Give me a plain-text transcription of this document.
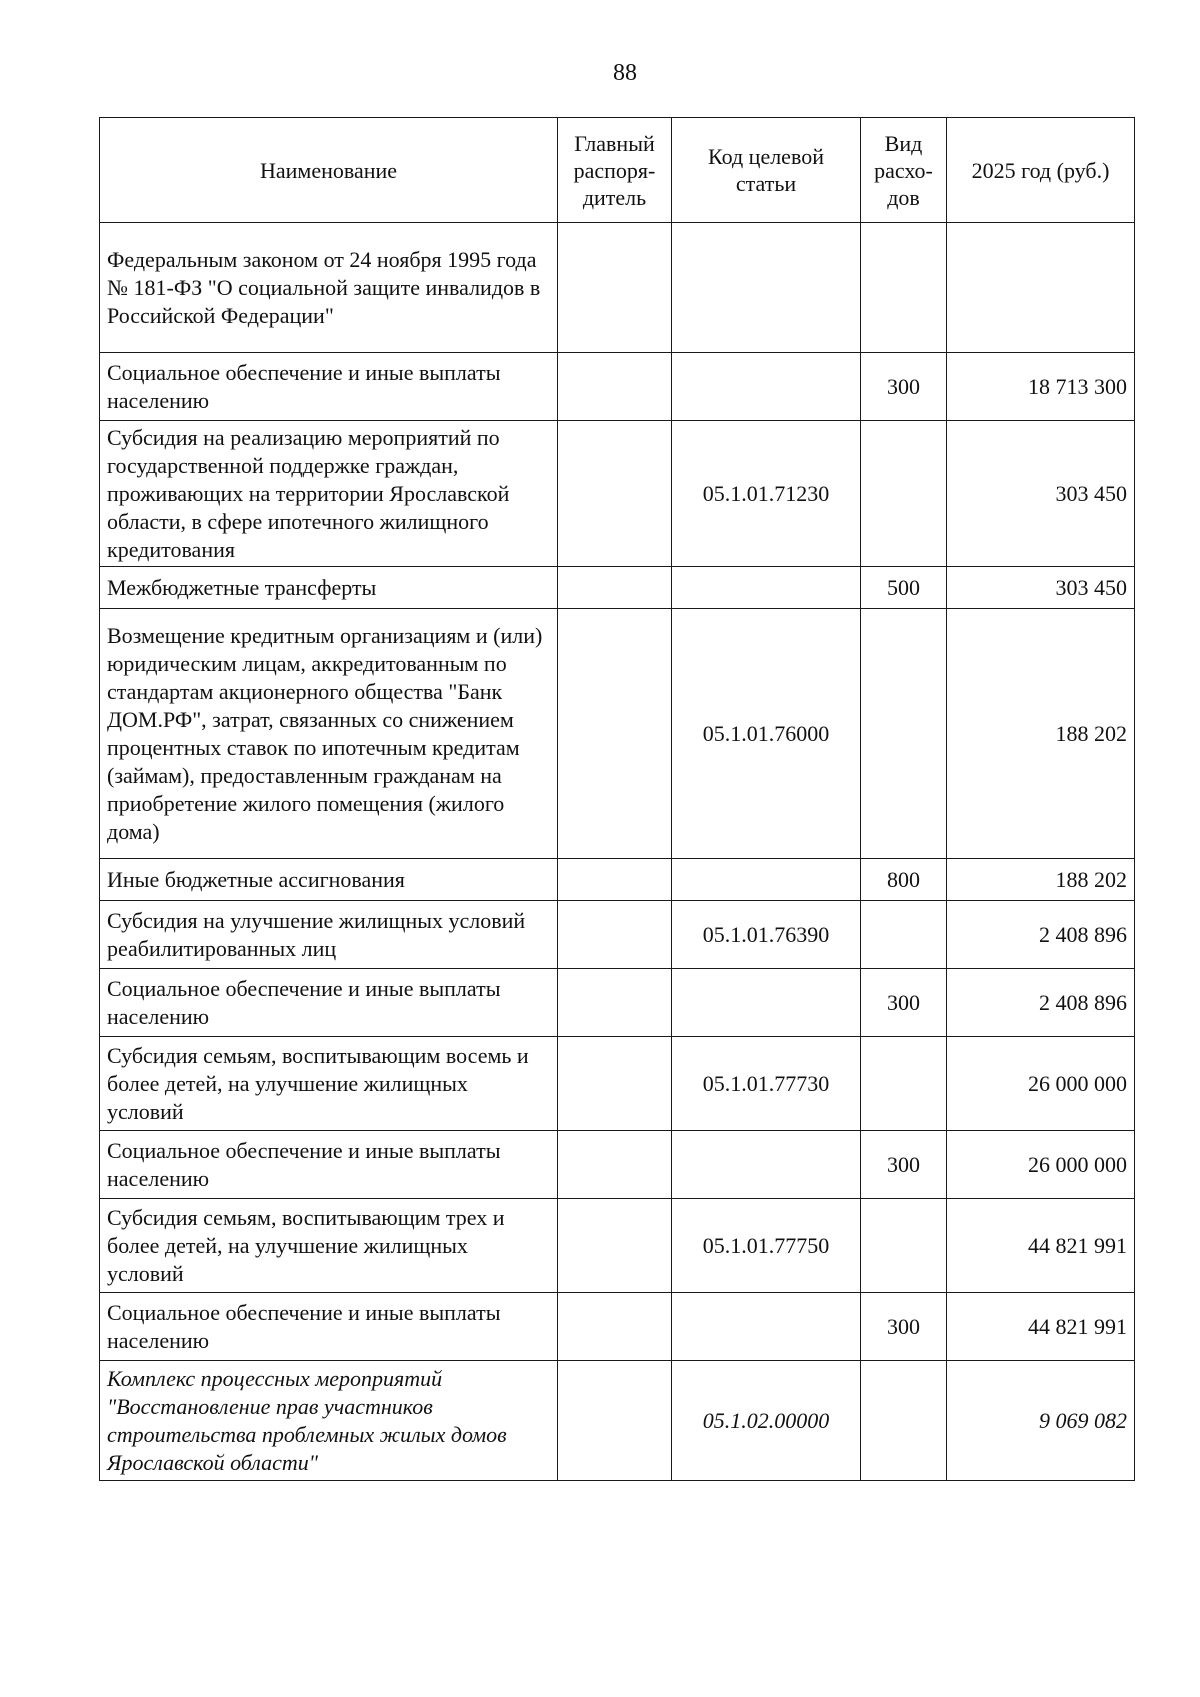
88
Наименование	Главный распоря-дитель	Код целевой статьи	Вид расхо-дов	2025 год (руб.)
Федеральным законом от 24 ноября 1995 года № 181-ФЗ "О социальной защите инвалидов в Российской Федерации"				
Социальное обеспечение и иные выплаты населению			300	18 713 300
Субсидия на реализацию мероприятий по государственной поддержке граждан, проживающих на территории Ярославской области, в сфере ипотечного жилищного кредитования		05.1.01.71230		303 450
Межбюджетные трансферты			500	303 450
Возмещение кредитным организациям и (или) юридическим лицам, аккредитованным по стандартам акционерного общества "Банк ДОМ.РФ", затрат, связанных со снижением процентных ставок по ипотечным кредитам (займам), предоставленным гражданам на приобретение жилого помещения (жилого дома)		05.1.01.76000		188 202
Иные бюджетные ассигнования			800	188 202
Субсидия на улучшение жилищных условий реабилитированных лиц		05.1.01.76390		2 408 896
Социальное обеспечение и иные выплаты населению			300	2 408 896
Субсидия семьям, воспитывающим восемь и более детей, на улучшение жилищных условий		05.1.01.77730		26 000 000
Социальное обеспечение и иные выплаты населению			300	26 000 000
Субсидия семьям, воспитывающим трех и более детей, на улучшение жилищных условий		05.1.01.77750		44 821 991
Социальное обеспечение и иные выплаты населению			300	44 821 991
Комплекс процессных мероприятий "Восстановление прав участников строительства проблемных жилых домов Ярославской области"		05.1.02.00000		9 069 082
